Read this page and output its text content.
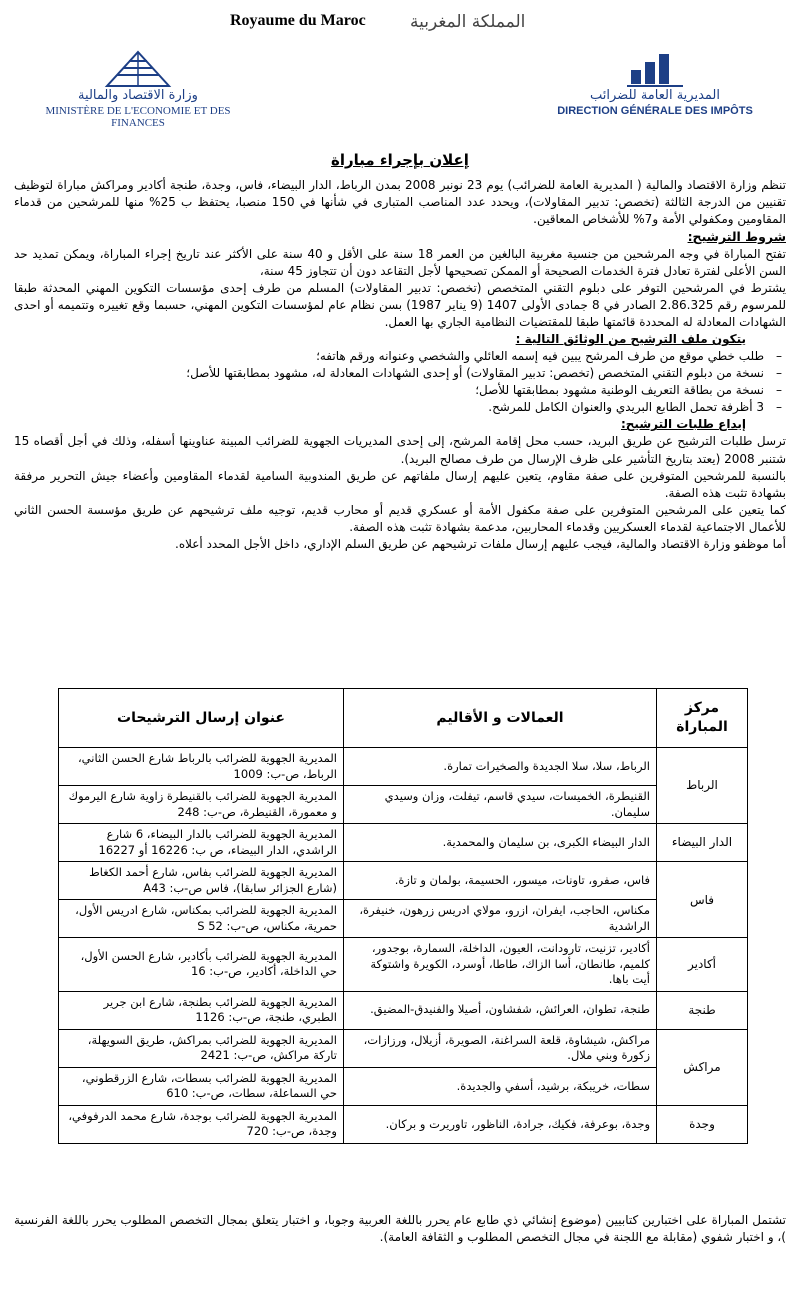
Royaume du Maroc	المملكة المغربية
وزارة الاقتصاد والمالية
MINISTÈRE DE L'ECONOMIE ET DES FINANCES
المديرية العامة للضرائب
DIRECTION GÉNÉRALE DES IMPÔTS
إعلان بإجراء مباراة

تنظم وزارة الاقتصاد والمالية ( المديرية العامة للضرائب) يوم 23 نونبر 2008 بمدن الرباط، الدار البيضاء، فاس، وجدة، طنجة أكادير ومراكش مباراة لتوظيف تقنيين من الدرجة الثالثة (تخصص: تدبير المقاولات)، ويحدد عدد المناصب المتبارى في شأنها في 150 منصبا، يحتفظ ب 25% منها للمرشحين من قدماء المقاومين ومكفولي الأمة و7% للأشخاص المعاقين.

شروط الترشيح:

تفتح المباراة في وجه المرشحين من جنسية مغربية البالغين من العمر 18 سنة على الأقل و 40 سنة على الأكثر عند تاريخ إجراء المباراة، ويمكن تمديد حد السن الأعلى لفترة تعادل فترة الخدمات الصحيحة أو الممكن تصحيحها لأجل التقاعد دون أن تتجاوز 45 سنة،

يشترط في المرشحين التوفر على دبلوم التقني المتخصص (تخصص: تدبير المقاولات) المسلم من طرف إحدى مؤسسات التكوين المهني المحدثة طبقا للمرسوم رقم 2.86.325 الصادر في 8 جمادى الأولى 1407 (9 يناير 1987) بسن نظام عام لمؤسسات التكوين المهني، حسبما وقع تغييره وتتميمه أو احدى الشهادات المعادلة له المحددة قائمتها طبقا للمقتضيات النظامية الجاري بها العمل.

يتكون ملف الترشيح من الوثائق التالية :
– طلب خطي موقع من طرف المرشح يبين فيه إسمه العائلي والشخصي وعنوانه ورقم هاتفه؛
– نسخة من دبلوم التقني المتخصص (تخصص: تدبير المقاولات) أو إحدى الشهادات المعادلة له، مشهود بمطابقتها للأصل؛
– نسخة من بطاقة التعريف الوطنية مشهود بمطابقتها للأصل؛
– 3 أظرفة تحمل الطابع البريدي والعنوان الكامل للمرشح.
إيداع طلبات الترشيح:

ترسل طلبات الترشيح عن طريق البريد، حسب محل إقامة المرشح، إلى إحدى المديريات الجهوية للضرائب المبينة عناوينها أسفله، وذلك في أجل أقصاه 15 شتنبر 2008 (يعتد بتاريخ التأشير على ظرف الإرسال من طرف مصالح البريد).

بالنسبة للمرشحين المتوفرين على صفة مقاوم، يتعين عليهم إرسال ملفاتهم عن طريق المندوبية السامية لقدماء المقاومين وأعضاء جيش التحرير مرفقة بشهادة تثبت هذه الصفة.

كما يتعين على المرشحين المتوفرين على صفة مكفول الأمة أو عسكري قديم أو محارب قديم، توجيه ملف ترشيحهم عن طريق مؤسسة الحسن الثاني للأعمال الاجتماعية لقدماء العسكريين وقدماء المحاربين، مدعمة بشهادة تثبت هذه الصفة.

أما موظفو وزارة الاقتصاد والمالية، فيجب عليهم إرسال ملفات ترشيحهم عن طريق السلم الإداري، داخل الأجل المحدد أعلاه.

مركز المباراة	العمالات و الأقاليم	عنوان إرسال الترشيحات
الرباط	الرباط، سلا، سلا الجديدة والصخيرات تمارة.	المديرية الجهوية للضرائب بالرباط شارع الحسن الثاني، الرباط، ص-ب: 1009
	القنيطرة، الخميسات، سيدي قاسم، تيفلت، وزان وسيدي سليمان.	المديرية الجهوية للضرائب بالقنيطرة زاوية شارع اليرموك و معمورة، القنيطرة، ص-ب: 248
الدار البيضاء	الدار البيضاء الكبرى، بن سليمان والمحمدية.	المديرية الجهوية للضرائب بالدار البيضاء، 6 شارع الراشدي، الدار البيضاء، ص ب: 16226 أو 16227
فاس	فاس، صفرو، تاونات، ميسور، الحسيمة، بولمان و تازة.	المديرية الجهوية للضرائب بفاس، شارع أحمد الكغاط (شارع الجزائر سابقا)، فاس ص-ب: A43
	مكناس، الحاجب، ايفران، ازرو، مولاي ادريس زرهون، خنيفرة، الراشدية	المديرية الجهوية للضرائب بمكناس، شارع ادريس الأول، حمرية، مكناس، ص-ب: 52 S
أكادير	أكادير، تزنيت، تارودانت، العيون، الداخلة، السمارة، بوجدور، كلميم، طانطان، أسا الزاك، طاطا، أوسرد، الكويرة واشتوكة أيت باها.	المديرية الجهوية للضرائب بأكادير، شارع الحسن الأول، حي الداخلة، أكادير، ص-ب: 16
طنجة	طنجة، تطوان، العرائش، شفشاون، أصيلا والفنيدق-المضيق.	المديرية الجهوية للضرائب بطنجة، شارع ابن جرير الطبري، طنجة، ص-ب: 1126
مراكش	مراكش، شيشاوة، قلعة السراغنة، الصويرة، أزيلال، ورزازات، زكورة وبني ملال.	المديرية الجهوية للضرائب بمراكش، طريق السويهلة، تاركة مراكش، ص-ب: 2421
	سطات، خريبكة، برشيد، أسفي والجديدة.	المديرية الجهوية للضرائب بسطات، شارع الزرقطوني، حي السماعلة، سطات، ص-ب: 610
وجدة	وجدة، بوعرفة، فكيك، جرادة، الناظور، تاوريرت و بركان.	المديرية الجهوية للضرائب بوجدة، شارع محمد الدرفوفي، وجدة، ص-ب: 720

تشتمل المباراة على اختبارين كتابيين (موضوع إنشائي ذي طابع عام يحرر باللغة العربية وجوبا، و اختبار يتعلق بمجال التخصص المطلوب يحرر باللغة الفرنسية )، و اختبار شفوي (مقابلة مع اللجنة في مجال التخصص المطلوب و الثقافة العامة).
